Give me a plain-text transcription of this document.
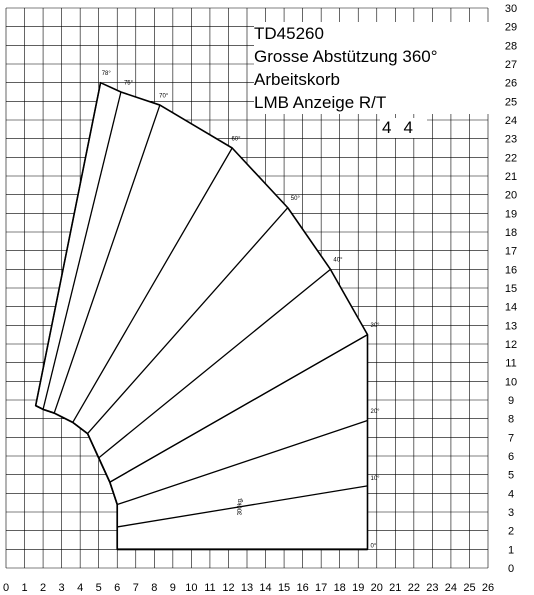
78°
75°
70°
60°
50°
40°
30°
20°
10°
0°
0 1 2 3 4 5 6 7 8 9 10 11 12 13 14 15 16 17 18 19 20 21 22 23 24 25 26
0
1
2
3
4
5
6
7
8
9
10
11
12
13
14
15
16
17
18
19
20
21
22
23
24
25
26
27
28
29
30
300kg.
TD45260
Grosse Abstützung 360°
Arbeitskorb
LMB Anzeige R/T
4 4
